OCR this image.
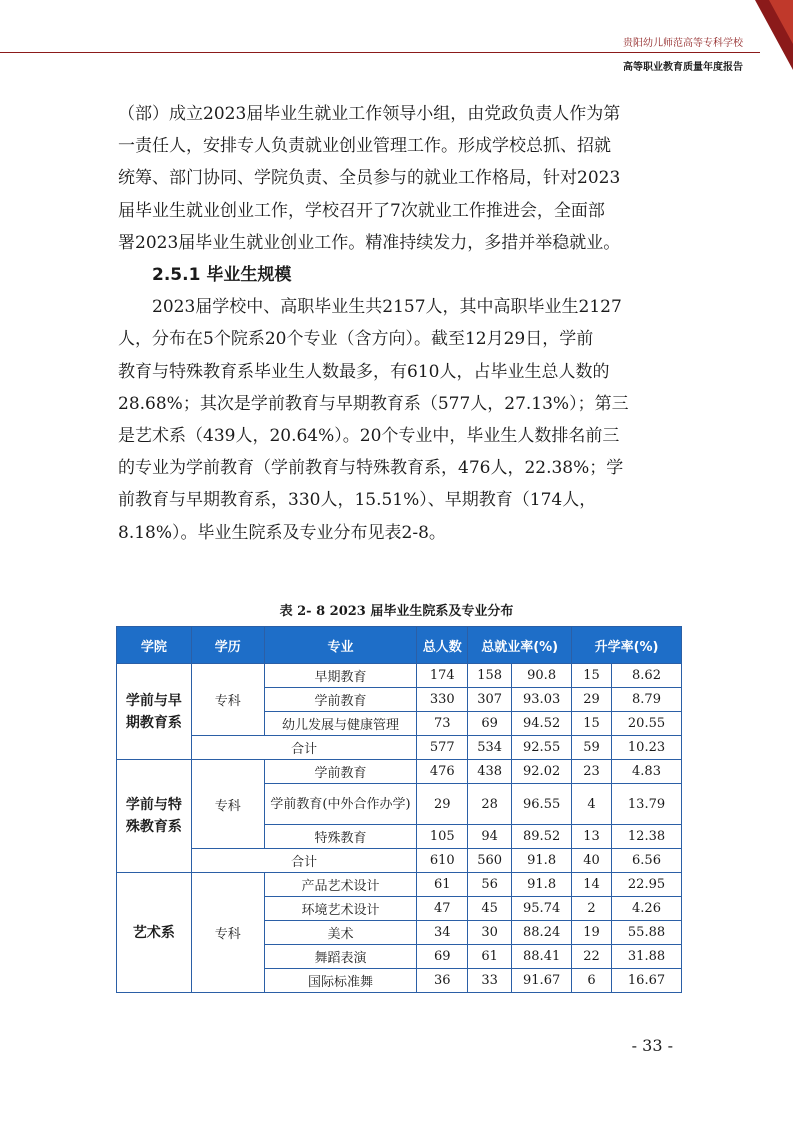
贵阳幼儿师范高等专科学校
高等职业教育质量年度报告

（部）成立2023届毕业生就业工作领导小组，由党政负责人作为第

一责任人，安排专人负责就业创业管理工作。形成学校总抓、招就

统筹、部门协同、学院负责、全员参与的就业工作格局，针对2023

届毕业生就业创业工作，学校召开了7次就业工作推进会，全面部

署2023届毕业生就业创业工作。精准持续发力，多措并举稳就业。

2.5.1 毕业生规模

2023届学校中、高职毕业生共2157人，其中高职毕业生2127

人，分布在5个院系20个专业（含方向）。截至12月29日，学前

教育与特殊教育系毕业生人数最多，有610人，占毕业生总人数的

28.68%；其次是学前教育与早期教育系（577人，27.13%）；第三

是艺术系（439人，20.64%）。20个专业中，毕业生人数排名前三

的专业为学前教育（学前教育与特殊教育系，476人，22.38%；学

前教育与早期教育系，330人，15.51%）、早期教育（174人，

8.18%）。毕业生院系及专业分布见表2-8。

表 2- 8 2023 届毕业生院系及专业分布
学院	学历	专业	总人数	总就业率(%)		升学率(%)	
学前与早期教育系	专科	早期教育	174	158	90.8	15	8.62
		学前教育	330	307	93.03	29	8.79
		幼儿发展与健康管理	73	69	94.52	15	20.55
	合计		577	534	92.55	59	10.23
学前与特殊教育系	专科	学前教育	476	438	92.02	23	4.83
		学前教育(中外合作办学)	29	28	96.55	4	13.79
		特殊教育	105	94	89.52	13	12.38
	合计		610	560	91.8	40	6.56
艺术系	专科	产品艺术设计	61	56	91.8	14	22.95
		环境艺术设计	47	45	95.74	2	4.26
		美术	34	30	88.24	19	55.88
		舞蹈表演	69	61	88.41	22	31.88
		国际标准舞	36	33	91.67	6	16.67
- 33 -
